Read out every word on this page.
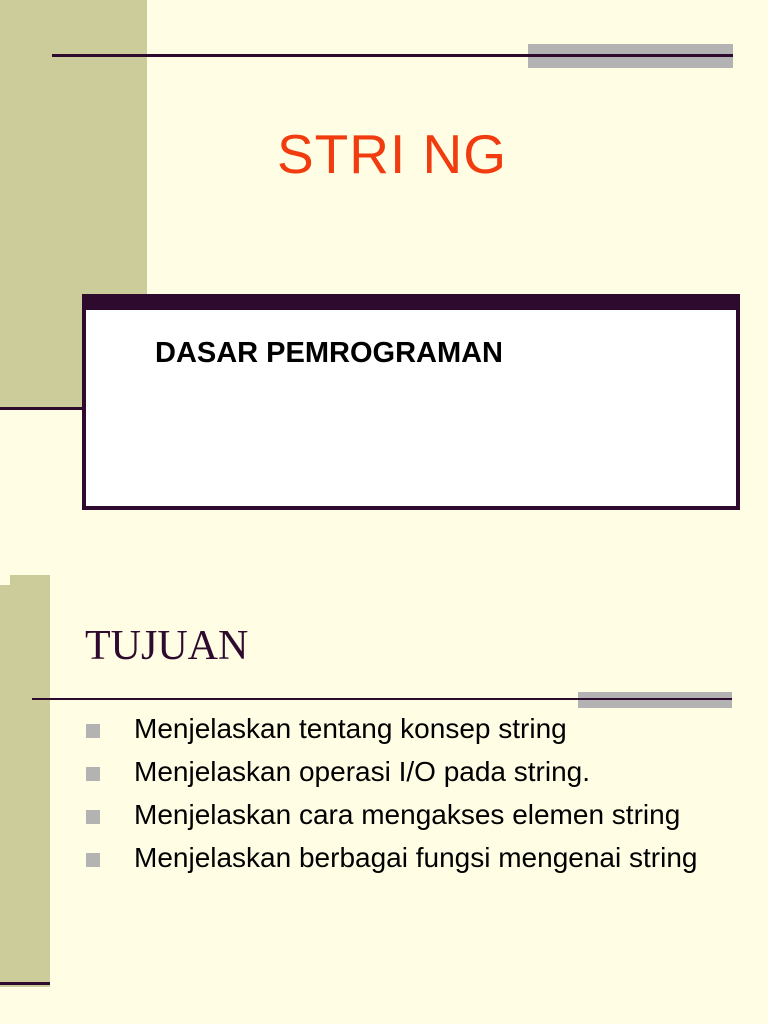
STRI NG
DASAR PEMROGRAMAN
TUJUAN
Menjelaskan tentang konsep string
Menjelaskan operasi I/O pada string.
Menjelaskan cara mengakses elemen string
Menjelaskan berbagai fungsi mengenai string
